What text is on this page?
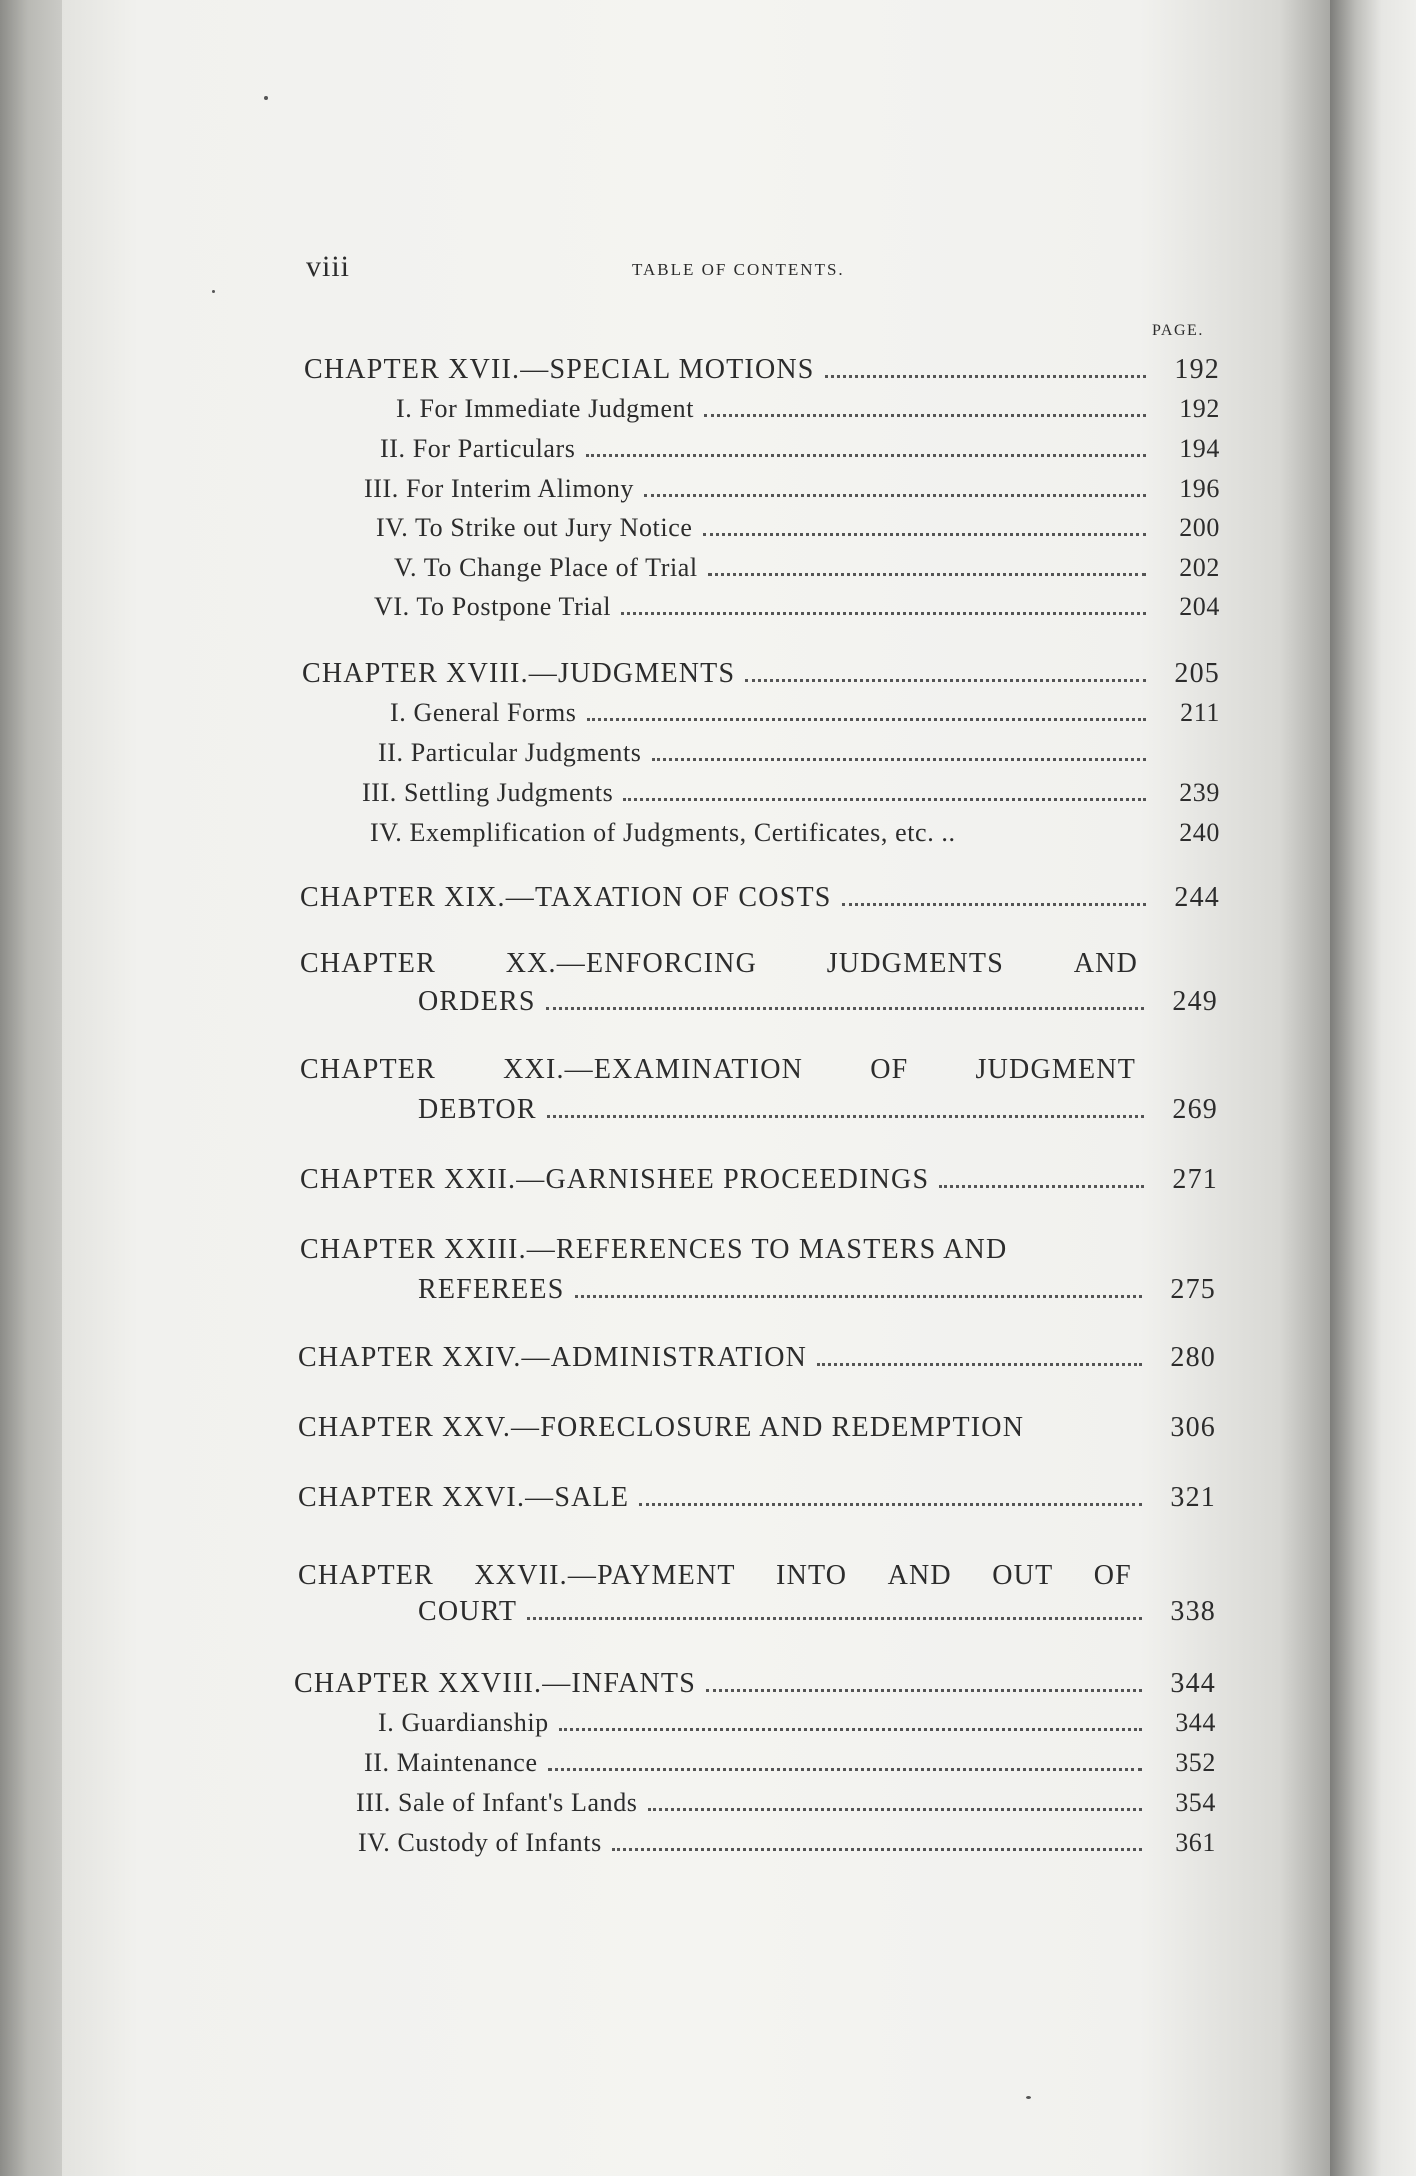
viii	TABLE OF CONTENTS.
PAGE.
CHAPTER XVII.—SPECIAL MOTIONS	192
I. For Immediate Judgment	192
II. For Particulars	194
III. For Interim Alimony	196
IV. To Strike out Jury Notice	200
V. To Change Place of Trial	202
VI. To Postpone Trial	204
CHAPTER XVIII.—JUDGMENTS	205
I. General Forms	211
II. Particular Judgments
III. Settling Judgments	239
IV. Exemplification of Judgments, Certificates, etc. ..	240
CHAPTER XIX.—TAXATION OF COSTS	244
CHAPTER XX.—ENFORCING JUDGMENTS AND
ORDERS	249
CHAPTER XXI.—EXAMINATION OF JUDGMENT
DEBTOR	269
CHAPTER XXII.—GARNISHEE PROCEEDINGS	271
CHAPTER XXIII.—REFERENCES TO MASTERS AND
REFEREES	275
CHAPTER XXIV.—ADMINISTRATION	280
CHAPTER XXV.—FORECLOSURE AND REDEMPTION	306
CHAPTER XXVI.—SALE	321
CHAPTER XXVII.—PAYMENT INTO AND OUT OF
COURT	338
CHAPTER XXVIII.—INFANTS	344
I. Guardianship	344
II. Maintenance	352
III. Sale of Infant's Lands	354
IV. Custody of Infants	361
